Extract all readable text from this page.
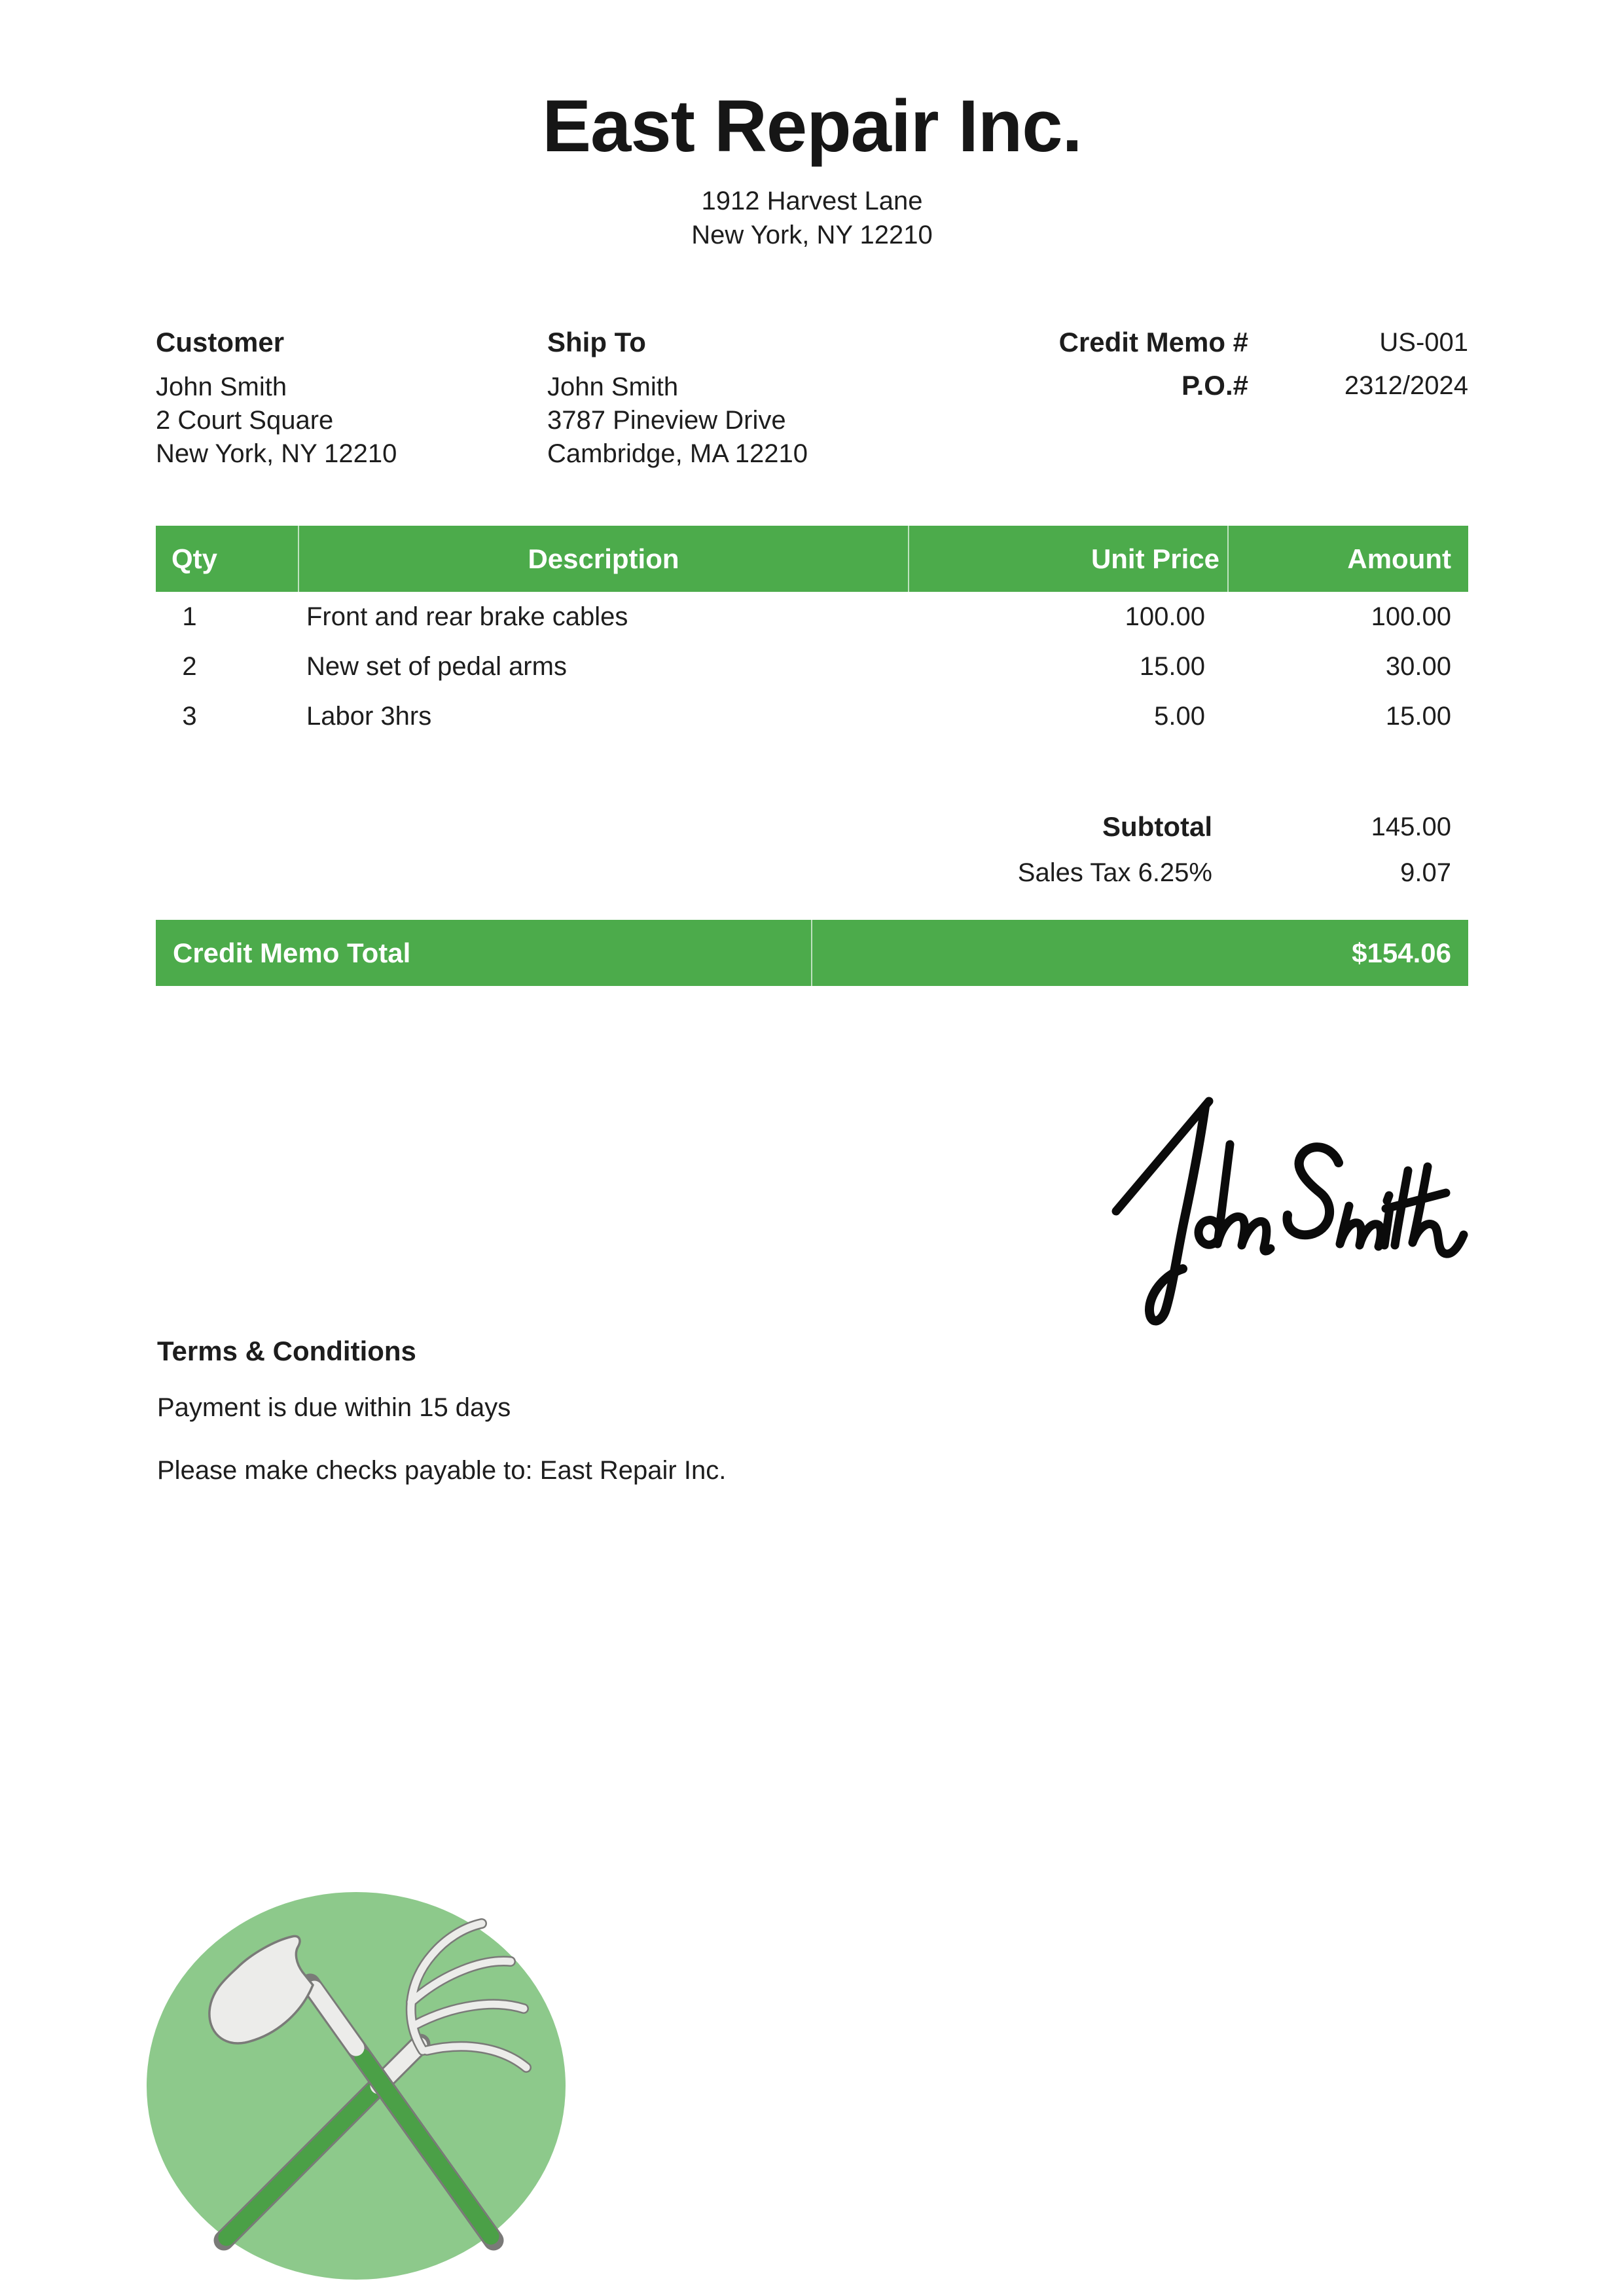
East Repair Inc.
1912 Harvest Lane
New York, NY 12210
Customer
John Smith
2 Court Square
New York, NY 12210
Ship To
John Smith
3787 Pineview Drive
Cambridge, MA 12210
Credit Memo #	US-001
P.O.#	2312/2024
Qty	Description	Unit Price	Amount
1	Front and rear brake cables	100.00	100.00
2	New set of pedal arms	15.00	30.00
3	Labor 3hrs	5.00	15.00
Subtotal	145.00
Sales Tax 6.25%	9.07
Credit Memo Total	$154.06
Terms & Conditions
Payment is due within 15 days
Please make checks payable to: East Repair Inc.
